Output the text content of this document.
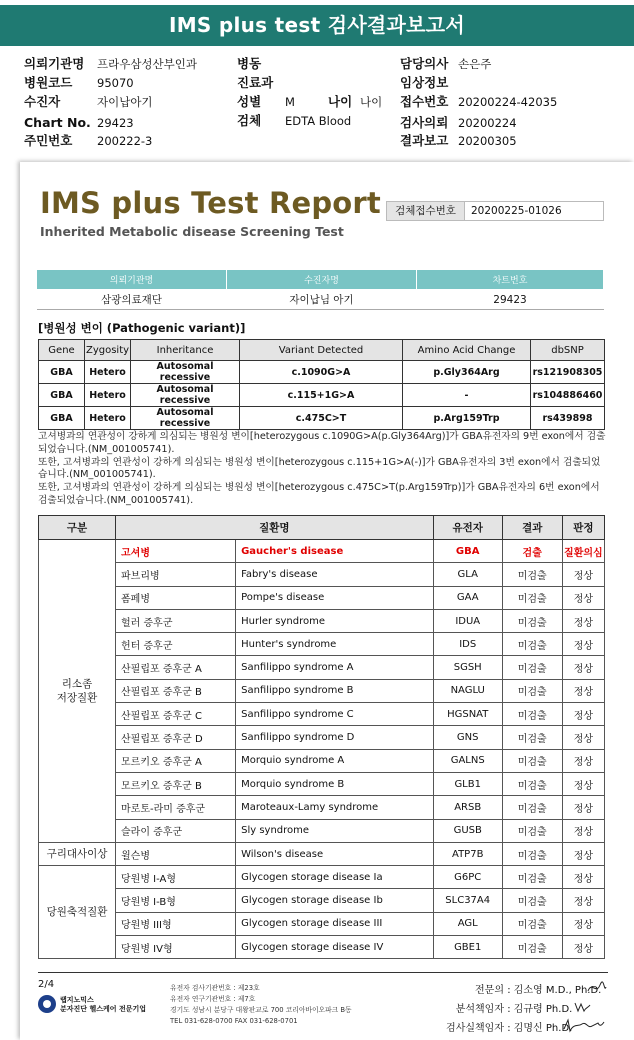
IMS plus test 검사결과보고서
의뢰기관명 프라우삼성산부인과
병원코드 95070
수진자	자이납아기
Chart No. 29423
주민번호 200222-3
병동
진료과
성별 M	나이 나이
검체 EDTA Blood
담당의사 손은주
임상정보
접수번호 20200224-42035
검사의뢰 20200224
결과보고 20200305
IMS plus Test Report
Inherited Metabolic disease Screening Test
검체접수번호	20200225-01026
의뢰기관명	수진자명	차트번호
삼광의료재단	자이납님 아기	29423
[병원성 변이 (Pathogenic variant)]
Gene	Zygosity	Inheritance	Variant Detected	Amino Acid Change	dbSNP
GBA	Hetero	Autosomal recessive	c.1090G>A	p.Gly364Arg	rs121908305
GBA	Hetero	Autosomal recessive	c.115+1G>A	-	rs104886460
GBA	Hetero	Autosomal recessive	c.475C>T	p.Arg159Trp	rs439898
고셔병과의 연관성이 강하게 의심되는 병원성 변이[heterozygous c.1090G>A(p.Gly364Arg)]가 GBA유전자의 9번 exon에서 검출되었습니다.(NM_001005741).
또한, 고셔병과의 연관성이 강하게 의심되는 병원성 변이[heterozygous c.115+1G>A(-)]가 GBA유전자의 3번 exon에서 검출되었습니다.(NM_001005741).
또한, 고셔병과의 연관성이 강하게 의심되는 병원성 변이[heterozygous c.475C>T(p.Arg159Trp)]가 GBA유전자의 6번 exon에서 검출되었습니다.(NM_001005741).
구분	질환명		유전자	결과	판정
리소좀
저장질환	고셔병	Gaucher's disease	GBA	검출	질환의심
	파브리병	Fabry's disease	GLA	미검출	정상
	폼페병	Pompe's disease	GAA	미검출	정상
	헐러 증후군	Hurler syndrome	IDUA	미검출	정상
	헌터 증후군	Hunter's syndrome	IDS	미검출	정상
	산필립포 증후군 A	Sanfilippo syndrome A	SGSH	미검출	정상
	산필립포 증후군 B	Sanfilippo syndrome B	NAGLU	미검출	정상
	산필립포 증후군 C	Sanfilippo syndrome C	HGSNAT	미검출	정상
	산필립포 증후군 D	Sanfilippo syndrome D	GNS	미검출	정상
	모르키오 증후군 A	Morquio syndrome A	GALNS	미검출	정상
	모르키오 증후군 B	Morquio syndrome B	GLB1	미검출	정상
	마로토-라미 증후군	Maroteaux-Lamy syndrome	ARSB	미검출	정상
	슬라이 증후군	Sly syndrome	GUSB	미검출	정상
구리대사이상	윌슨병	Wilson's disease	ATP7B	미검출	정상
당원축적질환	당원병 I-A형	Glycogen storage disease Ia	G6PC	미검출	정상
	당원병 I-B형	Glycogen storage disease Ib	SLC37A4	미검출	정상
	당원병 III형	Glycogen storage disease III	AGL	미검출	정상
	당원병 IV형	Glycogen storage disease IV	GBE1	미검출	정상
2/4
랩지노믹스
분자진단 헬스케어 전문기업
유전자 검사기관번호 : 제23호
유전자 연구기관번호 : 제7호
경기도 성남시 분당구 대왕판교로 700 코리아바이오파크 B동
TEL 031-628-0700 FAX 031-628-0701
전문의 : 김소영 M.D., Ph.D.
분석책임자 : 김규령 Ph.D.
검사실책임자 : 김명신 Ph.D.
